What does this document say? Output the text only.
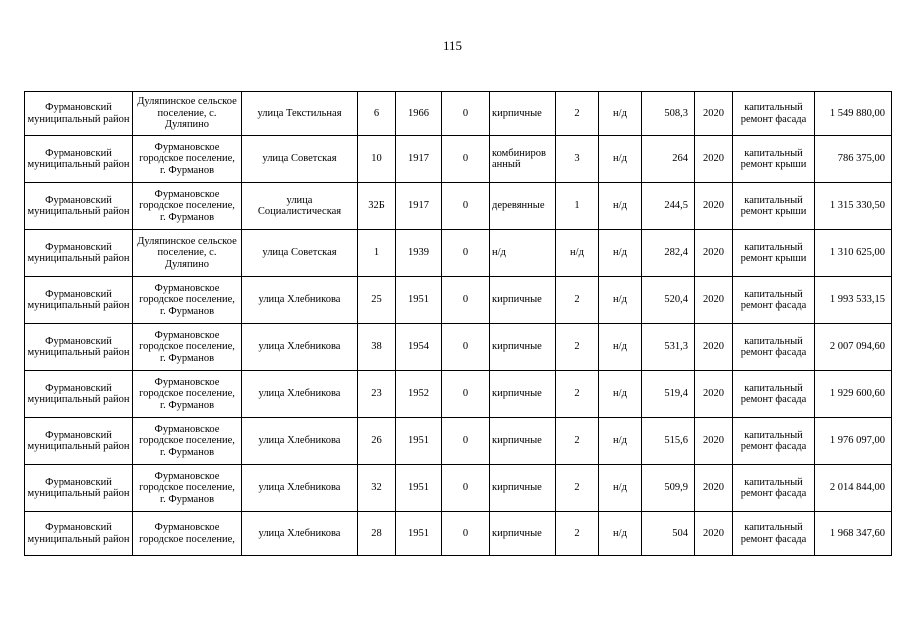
115
Фурмановский муниципальный район	Дуляпинское сельское поселение, с. Дуляпино	улица Текстильная	6	1966	0	кирпичные	2	н/д	508,3	2020	капитальный ремонт фасада	1 549 880,00
Фурмановский муниципальный район	Фурмановское городское поселение, г. Фурманов	улица Советская	10	1917	0	комбиниров анный	3	н/д	264	2020	капитальный ремонт крыши	786 375,00
Фурмановский муниципальный район	Фурмановское городское поселение, г. Фурманов	улица Социалистическая	32Б	1917	0	деревянные	1	н/д	244,5	2020	капитальный ремонт крыши	1 315 330,50
Фурмановский муниципальный район	Дуляпинское сельское поселение, с. Дуляпино	улица Советская	1	1939	0	н/д	н/д	н/д	282,4	2020	капитальный ремонт крыши	1 310 625,00
Фурмановский муниципальный район	Фурмановское городское поселение, г. Фурманов	улица Хлебникова	25	1951	0	кирпичные	2	н/д	520,4	2020	капитальный ремонт фасада	1 993 533,15
Фурмановский муниципальный район	Фурмановское городское поселение, г. Фурманов	улица Хлебникова	38	1954	0	кирпичные	2	н/д	531,3	2020	капитальный ремонт фасада	2 007 094,60
Фурмановский муниципальный район	Фурмановское городское поселение, г. Фурманов	улица Хлебникова	23	1952	0	кирпичные	2	н/д	519,4	2020	капитальный ремонт фасада	1 929 600,60
Фурмановский муниципальный район	Фурмановское городское поселение, г. Фурманов	улица Хлебникова	26	1951	0	кирпичные	2	н/д	515,6	2020	капитальный ремонт фасада	1 976 097,00
Фурмановский муниципальный район	Фурмановское городское поселение, г. Фурманов	улица Хлебникова	32	1951	0	кирпичные	2	н/д	509,9	2020	капитальный ремонт фасада	2 014 844,00
Фурмановский муниципальный район	Фурмановское городское поселение,	улица Хлебникова	28	1951	0	кирпичные	2	н/д	504	2020	капитальный ремонт фасада	1 968 347,60
